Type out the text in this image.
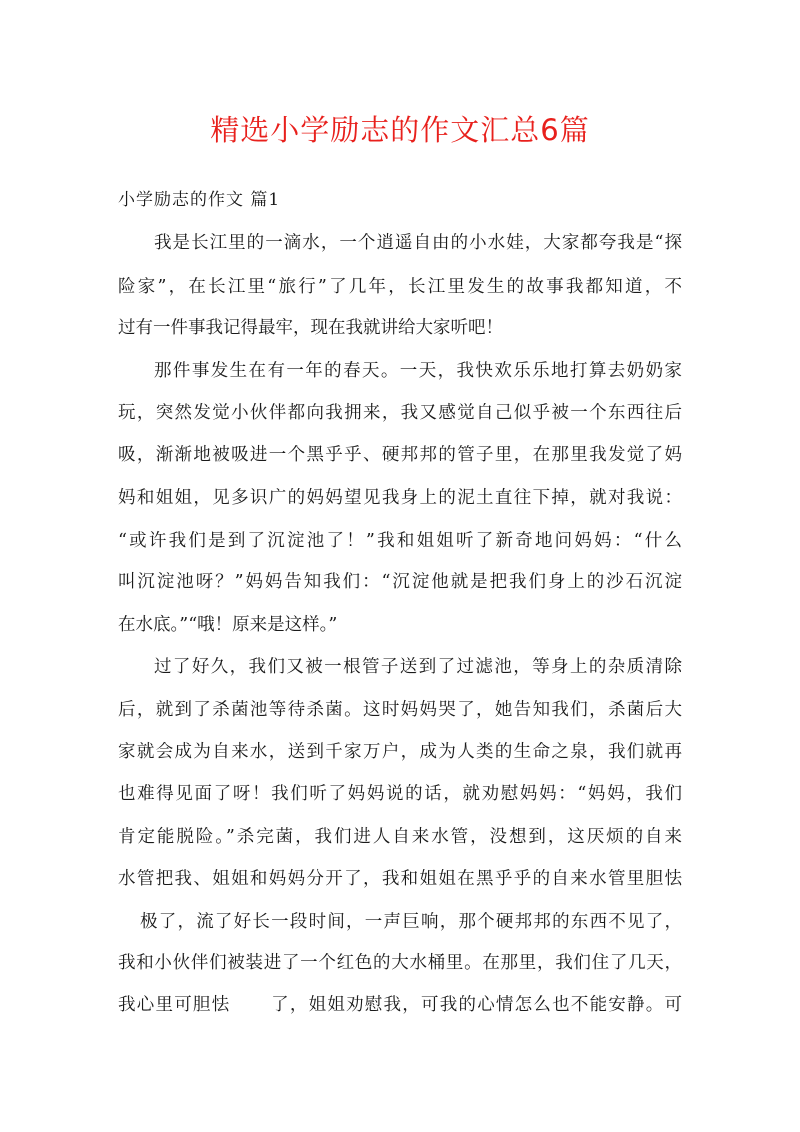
精选小学励志的作文汇总6篇
小学励志的作文 篇1
我是长江里的一滴水，一个逍遥自由的小水娃，大家都夸我是“探
险家”，在长江里“旅行”了几年，长江里发生的故事我都知道，不
过有一件事我记得最牢，现在我就讲给大家听吧！
那件事发生在有一年的春天。一天，我快欢乐乐地打算去奶奶家
玩，突然发觉小伙伴都向我拥来，我又感觉自己似乎被一个东西往后
吸，渐渐地被吸进一个黑乎乎、硬邦邦的管子里，在那里我发觉了妈
妈和姐姐，见多识广的妈妈望见我身上的泥土直往下掉，就对我说：
“或许我们是到了沉淀池了！”我和姐姐听了新奇地问妈妈：“什么
叫沉淀池呀？”妈妈告知我们：“沉淀他就是把我们身上的沙石沉淀
在水底。”“哦！原来是这样。”
过了好久，我们又被一根管子送到了过滤池，等身上的杂质清除
后，就到了杀菌池等待杀菌。这时妈妈哭了，她告知我们，杀菌后大
家就会成为自来水，送到千家万户，成为人类的生命之泉，我们就再
也难得见面了呀！我们听了妈妈说的话，就劝慰妈妈：“妈妈，我们
肯定能脱险。”杀完菌，我们进人自来水管，没想到，这厌烦的自来
水管把我、姐姐和妈妈分开了，我和姐姐在黑乎乎的自来水管里胆怯
极了，流了好长一段时间，一声巨响，那个硬邦邦的东西不见了，
我和小伙伴们被装进了一个红色的大水桶里。在那里，我们住了几天，
我心里可胆怯      了，姐姐劝慰我，可我的心情怎么也不能安静。可
